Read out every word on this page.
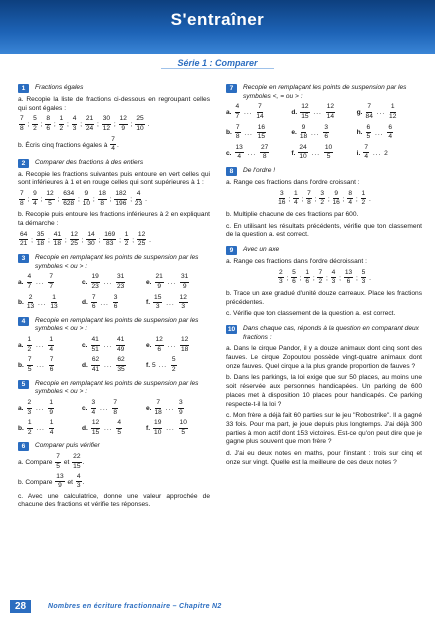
S'entraîner
Série 1 : Comparer
1	Fractions égales

a. Recopie la liste de fractions ci-dessous en regroupant celles qui sont égales :

$\frac{7}{8}$ ; $\frac{5}{2}$ ; $\frac{8}{6}$ ; $\frac{1}{2}$ ; $\frac{4}{3}$ ; $\frac{21}{24}$ ; $\frac{30}{12}$ ; $\frac{12}{9}$ ; $\frac{25}{10}$ .

b. Écris cinq fractions égales à $\frac{7}{4}$ .

2	Comparer des fractions à des entiers

a. Recopie les fractions suivantes puis entoure en vert celles qui sont inférieures à 1 et en rouge celles qui sont supérieures à 1 :

$\frac{7}{8}$ ; $\frac{9}{4}$ ; $\frac{12}{5}$ ; $\frac{634}{628}$ ; $\frac{9}{10}$ ; $\frac{18}{8}$ ; $\frac{182}{196}$ ; $\frac{4}{23}$ .

b. Recopie puis entoure les fractions inférieures à 2 en expliquant ta démarche :

$\frac{64}{21}$ ; $\frac{35}{18}$ ; $\frac{41}{18}$ ; $\frac{12}{25}$ ; $\frac{14}{30}$ ; $\frac{169}{83}$ ; $\frac{1}{2}$ ; $\frac{12}{25}$ .
3	Recopie en remplaçant les points de suspension par les symboles < ou > :
a. $\frac{4}{7}$ ... $\frac{7}{7}$	c. $\frac{19}{23}$ ... $\frac{31}{23}$	e. $\frac{21}{9}$ ... $\frac{31}{9}$
b. $\frac{2}{13}$ ... $\frac{1}{13}$	d. $\frac{7}{6}$ ... $\frac{3}{6}$	f. $\frac{15}{3}$ ... $\frac{12}{3}$
4	Recopie en remplaçant les points de suspension par les symboles < ou > :
a. $\frac{1}{2}$ ... $\frac{1}{4}$	c. $\frac{41}{51}$ ... $\frac{41}{49}$	e. $\frac{12}{6}$ ... $\frac{12}{18}$
b. $\frac{7}{5}$ ... $\frac{7}{6}$	d. $\frac{62}{41}$ ... $\frac{62}{35}$	f. 5 ... $\frac{5}{2}$
5	Recopie en remplaçant les points de suspension par les symboles < ou > :
a. $\frac{2}{3}$ ... $\frac{1}{9}$	c. $\frac{3}{4}$ ... $\frac{7}{8}$	e. $\frac{7}{18}$ ... $\frac{3}{9}$
b. $\frac{1}{2}$ ... $\frac{1}{4}$	d. $\frac{12}{15}$ ... $\frac{4}{5}$	f. $\frac{19}{10}$ ... $\frac{10}{5}$
6	Comparer puis vérifier

a. Compare $\frac{7}{5}$ et $\frac{22}{15}$ .

b. Compare $\frac{13}{9}$ et $\frac{4}{3}$ .

c. Avec une calculatrice, donne une valeur approchée de chacune des fractions et vérifie tes réponses.

7	Recopie en remplaçant les points de suspension par les symboles <, = ou > :
a. $\frac{4}{7}$ ... $\frac{7}{14}$	d. $\frac{12}{15}$ ... $\frac{12}{14}$	g. $\frac{7}{84}$ ... $\frac{1}{12}$
b. $\frac{7}{8}$ ... $\frac{16}{15}$	e. $\frac{9}{18}$ ... $\frac{3}{6}$	h. $\frac{6}{5}$ ... $\frac{6}{4}$
c. $\frac{13}{4}$ ... $\frac{27}{8}$	f. $\frac{24}{10}$ ... $\frac{10}{5}$	i. $\frac{7}{4}$ ... 2
8	De l'ordre !

a. Range ces fractions dans l'ordre croissant :

$\frac{3}{16}$ ; $\frac{1}{4}$ ; $\frac{7}{8}$ ; $\frac{3}{2}$ ; $\frac{9}{16}$ ; $\frac{8}{4}$ ; $\frac{1}{2}$ .

b. Multiplie chacune de ces fractions par 600.

c. En utilisant les résultats précédents, vérifie que ton classement de la question a. est correct.

9	Avec un axe

a. Range ces fractions dans l'ordre décroissant :

$\frac{2}{3}$ ; $\frac{5}{6}$ ; $\frac{1}{6}$ ; $\frac{7}{2}$ ; $\frac{4}{3}$ ; $\frac{13}{6}$ ; $\frac{5}{3}$ .

b. Trace un axe gradué d'unité douze carreaux. Place les fractions précédentes.

c. Vérifie que ton classement de la question a. est correct.

10 Dans chaque cas, réponds à la question en comparant deux fractions :

a. Dans le cirque Pandor, il y a douze animaux dont cinq sont des fauves. Le cirque Zopoutou possède vingt-quatre animaux dont onze fauves. Quel cirque a la plus grande proportion de fauves ?

b. Dans les parkings, la loi exige que sur 50 places, au moins une soit réservée aux personnes handicapées. Un parking de 600 places met à disposition 10 places pour handicapés. Ce parking respecte-t-il la loi ?

c. Mon frère a déjà fait 60 parties sur le jeu "Robostrike". Il a gagné 33 fois. Pour ma part, je joue depuis plus longtemps. J'ai déjà 300 parties à mon actif dont 153 victoires. Est-ce qu'on peut dire que je gagne plus souvent que mon frère ?

d. J'ai eu deux notes en maths, pour l'instant : trois sur cinq et onze sur vingt. Quelle est la meilleure de ces deux notes ?

28	Nombres en écriture fractionnaire – Chapitre N2
